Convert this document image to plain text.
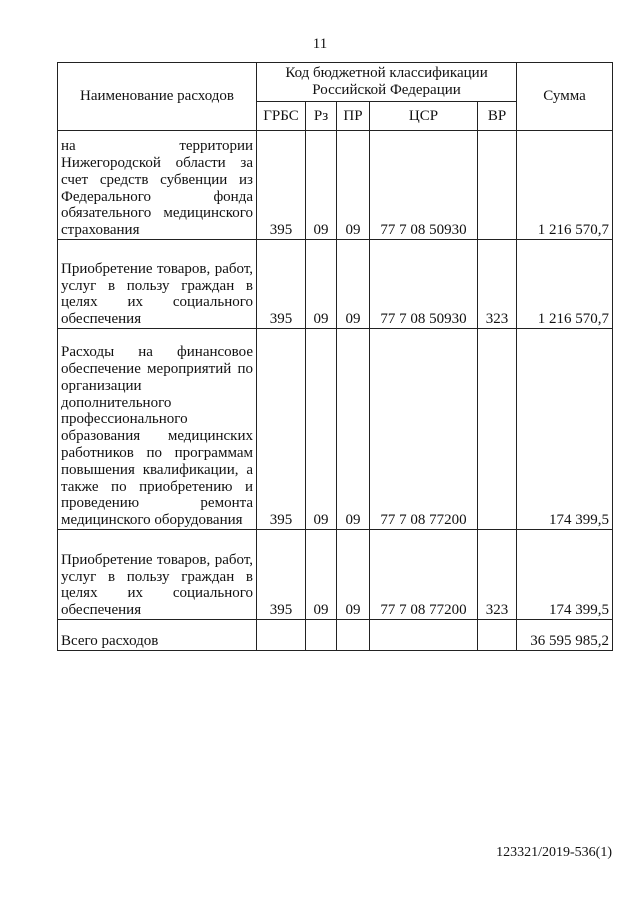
11
Наименование расходов	Код бюджетной классификации Российской Федерации					Сумма
	ГРБС	Рз	ПР	ЦСР	ВР	
на территории Нижегородской области за счет средств субвенции из Федерального фонда обязательного медицинского страхования	395	09	09	77 7 08 50930		1 216 570,7
Приобретение товаров, работ, услуг в пользу граждан в целях их социального обеспечения	395	09	09	77 7 08 50930	323	1 216 570,7
Расходы на финансовое обеспечение мероприятий по организации дополнительного профессионального образования медицинских работников по программам повышения квалификации, а также по приобретению и проведению ремонта медицинского оборудования	395	09	09	77 7 08 77200		174 399,5
Приобретение товаров, работ, услуг в пользу граждан в целях их социального обеспечения	395	09	09	77 7 08 77200	323	174 399,5
Всего расходов						36 595 985,2
123321/2019-536(1)
